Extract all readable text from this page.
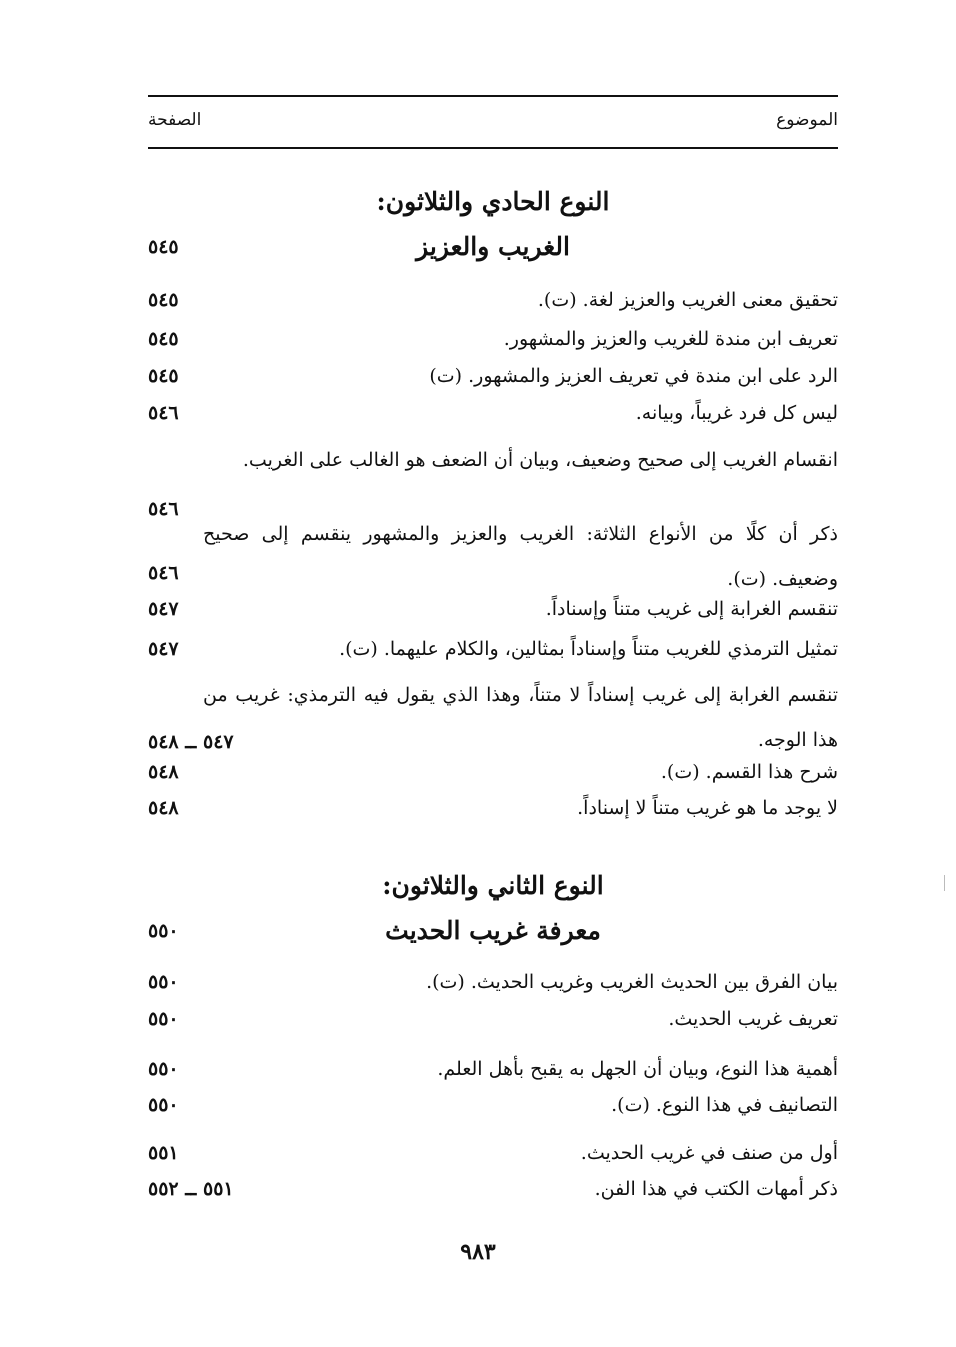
الموضوع
الصفحة
النوع الحادي والثلاثون:
الغريب والعزيز
٥٤٥
تحقيق معنى الغريب والعزيز لغة. (ت).
٥٤٥
تعريف ابن مندة للغريب والعزيز والمشهور.
٥٤٥
الرد على ابن مندة في تعريف العزيز والمشهور. (ت)
٥٤٥
ليس كل فرد غريباً، وبيانه.
٥٤٦
انقسام الغريب إلى صحيح وضعيف، وبيان أن الضعف هو الغالب على الغريب.
٥٤٦
ذكر أن كلًا من الأنواع الثلاثة: الغريب والعزيز والمشهور ينقسم إلى صحيح وضعيف. (ت).
٥٤٦
تنقسم الغرابة إلى غريب متناً وإسناداً.
٥٤٧
تمثيل الترمذي للغريب متناً وإسناداً بمثالين، والكلام عليهما. (ت).
٥٤٧
تنقسم الغرابة إلى غريب إسناداً لا متناً، وهذا الذي يقول فيه الترمذي: غريب من هذا الوجه.
٥٤٧ ــ ٥٤٨
شرح هذا القسم. (ت).
٥٤٨
لا يوجد ما هو غريب متناً لا إسناداً.
٥٤٨
النوع الثاني والثلاثون:
معرفة غريب الحديث
٥٥٠
بيان الفرق بين الحديث الغريب وغريب الحديث. (ت).
٥٥٠
تعريف غريب الحديث.
٥٥٠
أهمية هذا النوع، وبيان أن الجهل به يقبح بأهل العلم.
٥٥٠
التصانيف في هذا النوع. (ت).
٥٥٠
أول من صنف في غريب الحديث.
٥٥١
ذكر أمهات الكتب في هذا الفن.
٥٥١ ــ ٥٥٢
٩٨٣
